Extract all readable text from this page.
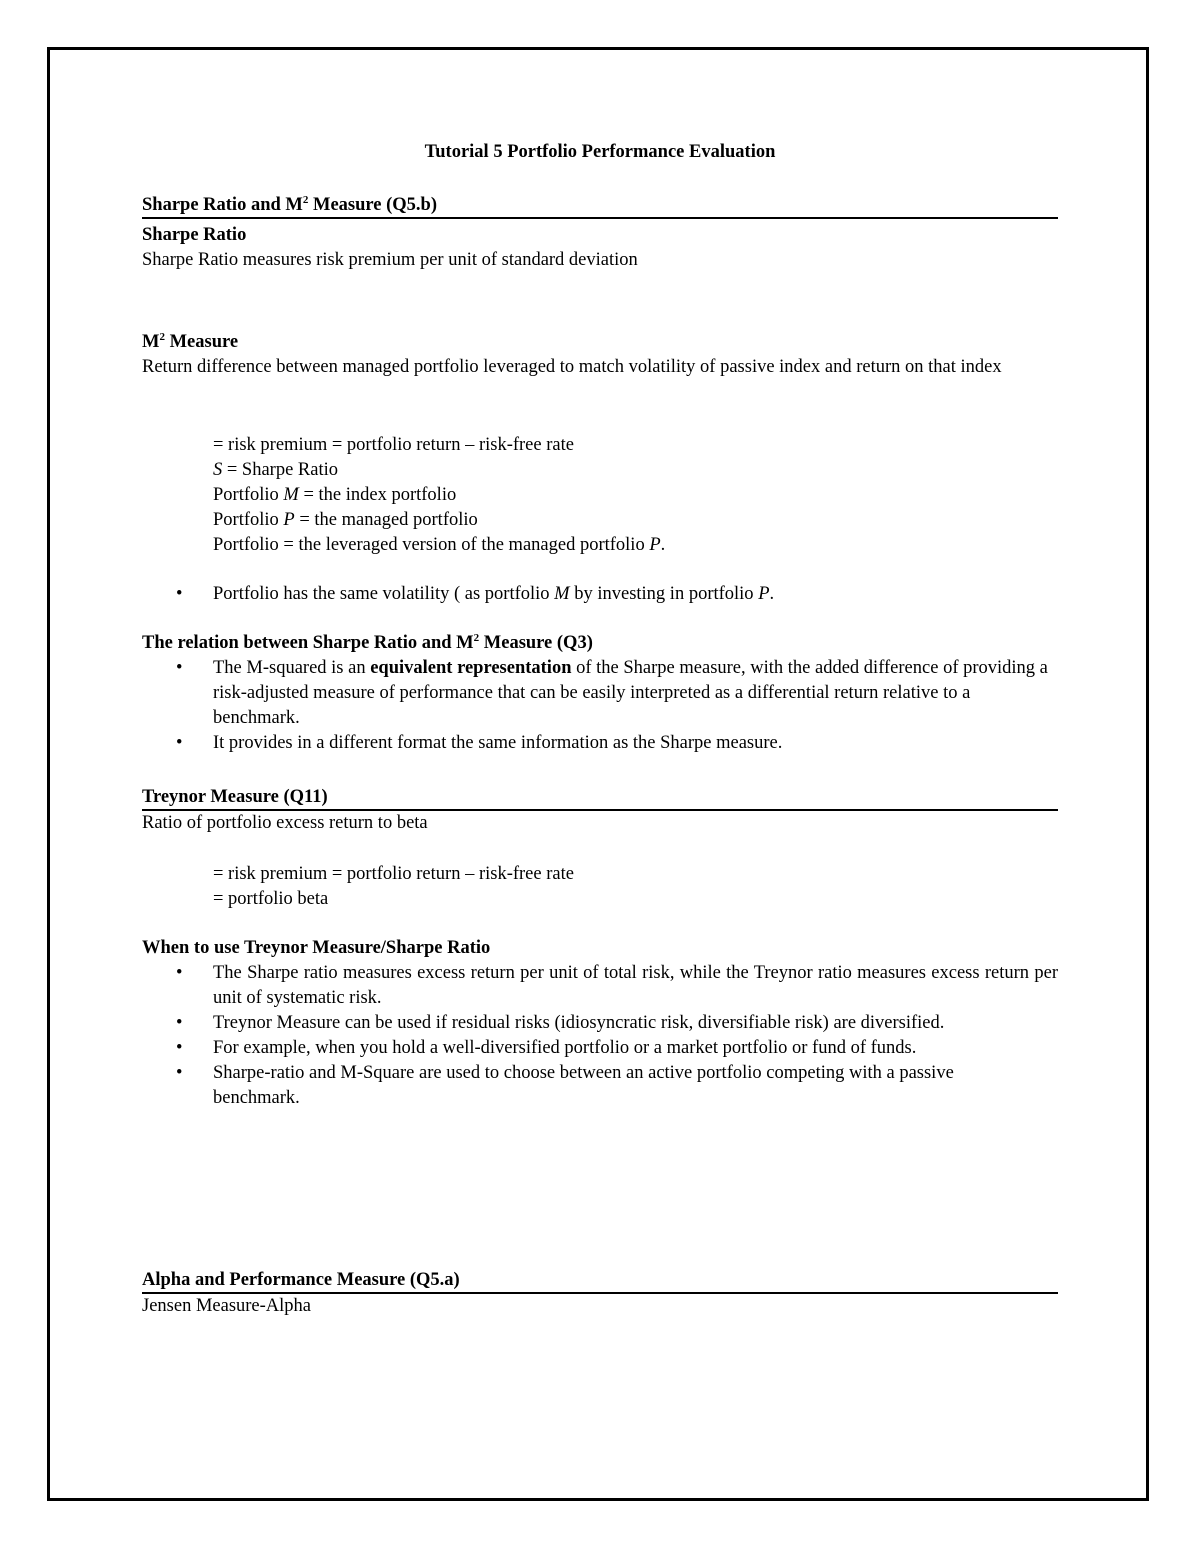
Tutorial 5 Portfolio Performance Evaluation

Sharpe Ratio and $M^2$ Measure (Q5.b)

Sharpe Ratio

Sharpe Ratio measures risk premium per unit of standard deviation

$M^2$ Measure

Return difference between managed portfolio leveraged to match volatility of passive index and return on that index

= risk premium = portfolio return – risk-free rate

S = Sharpe Ratio

Portfolio M = the index portfolio

Portfolio P = the managed portfolio

Portfolio = the leveraged version of the managed portfolio P.

• Portfolio has the same volatility ( as portfolio M by investing in portfolio P.

The relation between Sharpe Ratio and $M^2$ Measure (Q3)

• The M-squared is an equivalent representation of the Sharpe measure, with the added difference of providing a risk-adjusted measure of performance that can be easily interpreted as a differential return relative to a benchmark.
• It provides in a different format the same information as the Sharpe measure.

Treynor Measure (Q11)

Ratio of portfolio excess return to beta

= risk premium = portfolio return – risk-free rate

= portfolio beta

When to use Treynor Measure/Sharpe Ratio

• The Sharpe ratio measures excess return per unit of total risk, while the Treynor ratio measures excess return per unit of systematic risk.
• Treynor Measure can be used if residual risks (idiosyncratic risk, diversifiable risk) are diversified.
• For example, when you hold a well-diversified portfolio or a market portfolio or fund of funds.
• Sharpe-ratio and M-Square are used to choose between an active portfolio competing with a passive benchmark.

Alpha and Performance Measure (Q5.a)

Jensen Measure-Alpha
